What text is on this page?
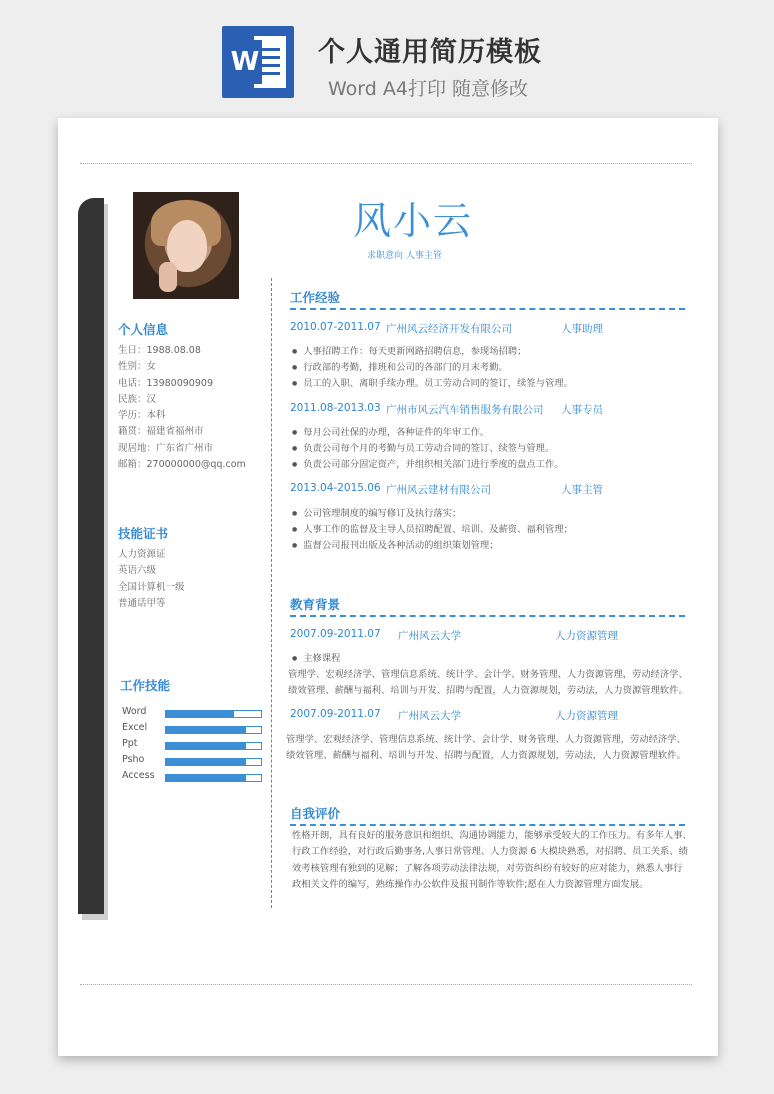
W 个人通用简历模板
Word A4打印 随意修改
个人信息
生日：1988.08.08
性别：女
电话：13980090909
民族：汉
学历：本科
籍贯：福建省福州市
现居地：广东省广州市
邮箱：270000000@qq.com
技能证书
人力资源证
英语六级
全国计算机一级
普通话甲等
工作技能
Word
Excel
Ppt
Psho
Access
风小云
求职意向 人事主管
工作经验
2010.07-2011.07 广州风云经济开发有限公司	人事助理
● 人事招聘工作：每天更新网路招聘信息，参现场招聘；
● 行政部的考勤，排班和公司的各部门的月末考勤。
● 员工的入职、离职手续办理。员工劳动合同的签订，续签与管理。
2011.08-2013.03 广州市风云汽车销售服务有限公司 人事专员
● 每月公司社保的办理，各种证件的年审工作。
● 负责公司每个月的考勤与员工劳动合同的签订、续签与管理。
● 负责公司部分固定资产，并组织相关部门进行季度的盘点工作。
2013.04-2015.06 广州风云建材有限公司	人事主管
● 公司管理制度的编写修订及执行落实；
● 人事工作的监督及主导人员招聘配置、培训、及薪资、福利管理；
● 监督公司报刊出版及各种活动的组织策划管理；
教育背景
2007.09-2011.07 广州风云大学	人力资源管理
● 主修课程
管理学、宏观经济学、管理信息系统、统计学、会计学、财务管理、人力资源管理，劳动经济学、
绩效管理、薪酬与福利、培训与开发、招聘与配置，人力资源规划，劳动法，人力资源管理软件。
2007.09-2011.07 广州风云大学	人力资源管理
管理学、宏观经济学、管理信息系统、统计学、会计学、财务管理、人力资源管理，劳动经济学、
绩效管理、薪酬与福利、培训与开发、招聘与配置，人力资源规划，劳动法，人力资源管理软件。
自我评价
性格开朗，具有良好的服务意识和组织、沟通协调能力，能够承受较大的工作压力。有多年人事、
行政工作经验，对行政后勤事务,人事日常管理、人力资源 6 大模块熟悉，对招聘、员工关系、绩
效考核管理有独到的见解；了解各项劳动法律法规，对劳资纠纷有较好的应对能力，熟悉人事行
政相关文件的编写，熟练操作办公软件及报刊制作等软件;愿在人力资源管理方面发展。
